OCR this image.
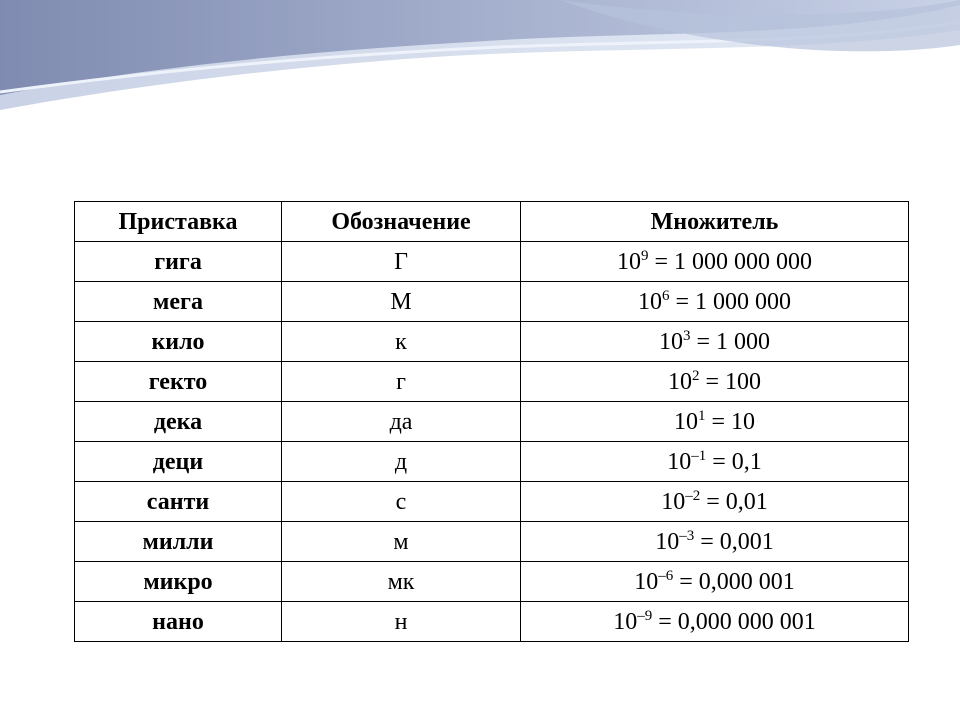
Приставка	Обозначение	Множитель
гига	Г	$10^9 = 1$ 000 000 000
мега	М	$10^6 = 1$ 000 000
кило	к	$10^3 = 1$ 000
гекто	г	$10^2 = 100$
дека	да	$10^1 = 10$
деци	д	$10^{-1} = 0,1$
санти	с	$10^{-2} = 0,01$
милли	м	$10^{-3} = 0,001$
микро	мк	$10^{-6} = 0,000$ 001
нано	н	$10^{-9} = 0,000$ 000 001
